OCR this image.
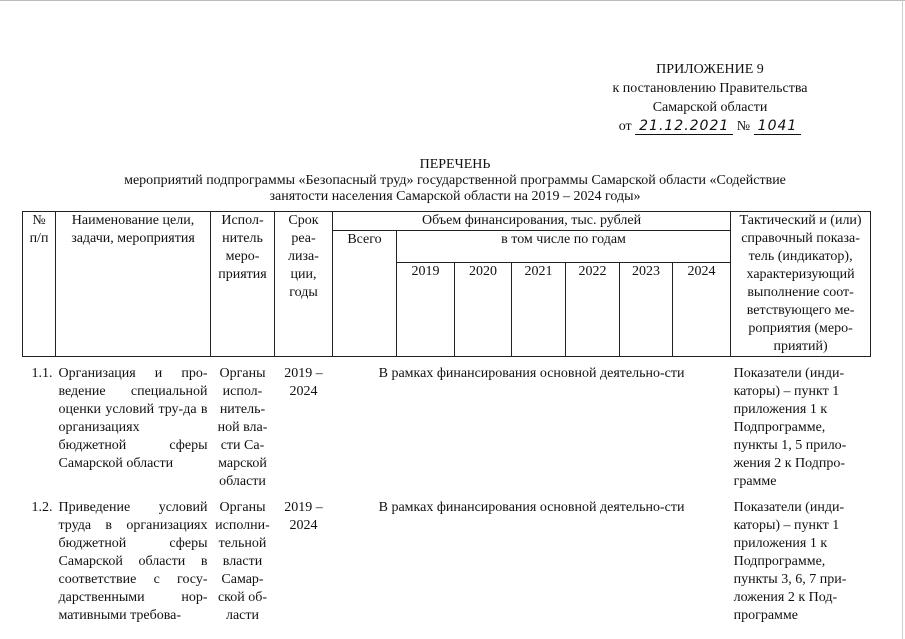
ПРИЛОЖЕНИЕ 9
к постановлению Правительства
Самарской области
от 21.12.2021 № 1041
ПЕРЕЧЕНЬ
мероприятий подпрограммы «Безопасный труд» государственной программы Самарской области «Содействие
занятости населения Самарской области на 2019 – 2024 годы»
№ п/п	Наименование цели, задачи, мероприятия	Испол-нитель меро-приятия	Срок реа-лиза-ции, годы	Объем финансирования, тыс. рублей							Тактический и (или) справочный показа-тель (индикатор), характеризующий выполнение соот-ветствующего ме-роприятия (меро-приятий)
				Всего	в том числе по годам						
					2019	2020	2021	2022	2023	2024	

1.1.	Организация и про-ведение специальной оценки условий тру-да в организациях бюджетной сферы Самарской области	Органы испол-нитель-ной вла-сти Са-марской области	2019 – 2024	В рамках финансирования основной деятельно-сти							Показатели (инди-каторы) – пункт 1 приложения 1 к Подпрограмме, пункты 1, 5 прило-жения 2 к Подпро-грамме

1.2.	Приведение условий труда в организациях бюджетной сферы Самарской области в соответствие с госу-дарственными нор-мативными требова-	Органы исполни-тельной власти Самар-ской об-ласти	2019 – 2024	В рамках финансирования основной деятельно-сти							Показатели (инди-каторы) – пункт 1 приложения 1 к Подпрограмме, пункты 3, 6, 7 при-ложения 2 к Под-программе
